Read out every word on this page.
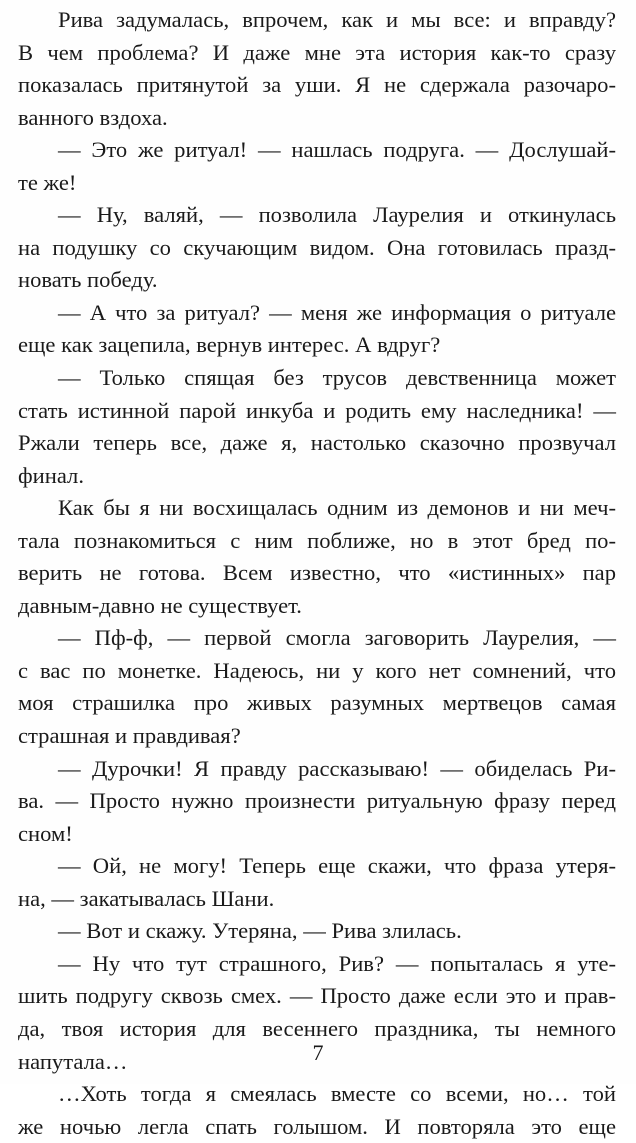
Рива задумалась, впрочем, как и мы все: и вправду?
В чем проблема? И даже мне эта история как-то сразу
показалась притянутой за уши. Я не сдержала разочаро-
ванного вздоха.
— Это же ритуал! — нашлась подруга. — Дослушай-
те же!
— Ну, валяй, — позволила Лаурелия и откинулась
на подушку со скучающим видом. Она готовилась празд-
новать победу.
— А что за ритуал? — меня же информация о ритуале
еще как зацепила, вернув интерес. А вдруг?
— Только спящая без трусов девственница может
стать истинной парой инкуба и родить ему наследника! —
Ржали теперь все, даже я, настолько сказочно прозвучал
финал.
Как бы я ни восхищалась одним из демонов и ни меч-
тала познакомиться с ним поближе, но в этот бред по-
верить не готова. Всем известно, что «истинных» пар
давным-давно не существует.
— Пф-ф, — первой смогла заговорить Лаурелия, —
с вас по монетке. Надеюсь, ни у кого нет сомнений, что
моя страшилка про живых разумных мертвецов самая
страшная и правдивая?
— Дурочки! Я правду рассказываю! — обиделась Ри-
ва. — Просто нужно произнести ритуальную фразу перед
сном!
— Ой, не могу! Теперь еще скажи, что фраза утеря-
на, — закатывалась Шани.
— Вот и скажу. Утеряна, — Рива злилась.
— Ну что тут страшного, Рив? — попыталась я уте-
шить подругу сквозь смех. — Просто даже если это и прав-
да, твоя история для весеннего праздника, ты немного
напутала…
…Хоть тогда я смеялась вместе со всеми, но… той
же ночью легла спать голышом. И повторяла это еще
7
